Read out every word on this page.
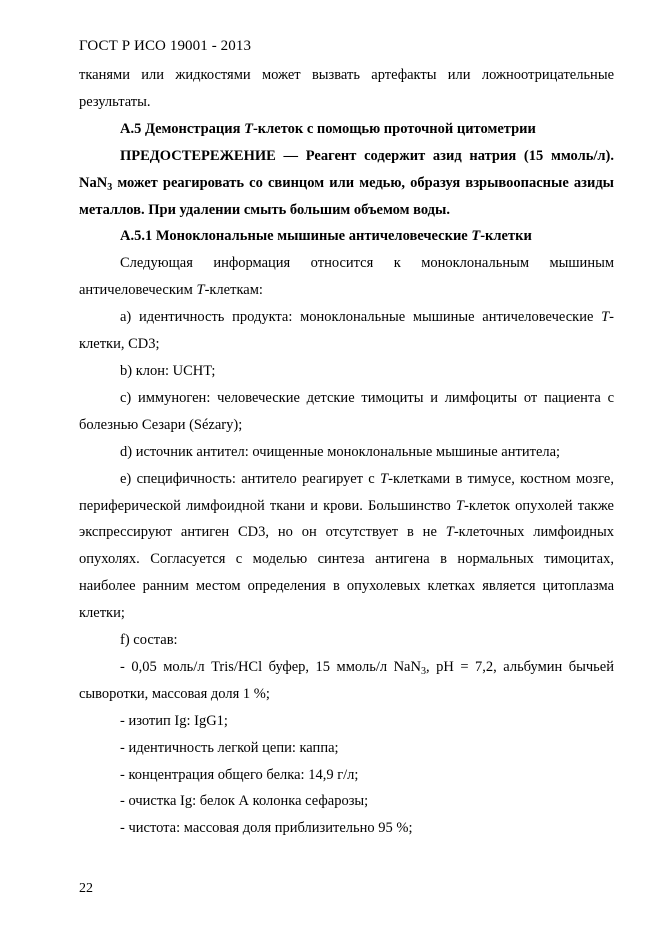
ГОСТ Р ИСО 19001 - 2013

тканями или жидкостями может вызвать артефакты или ложноотрицательные результаты.

А.5 Демонстрация Т-клеток с помощью проточной цитометрии

ПРЕДОСТЕРЕЖЕНИЕ — Реагент содержит азид натрия (15 ммоль/л). NaN$_3$ может реагировать со свинцом или медью, образуя взрывоопасные азиды металлов. При удалении смыть большим объемом воды.

А.5.1 Моноклональные мышиные античеловеческие Т-клетки

Следующая информация относится к моноклональным мышиным античеловеческим Т-клеткам:

а) идентичность продукта: моноклональные мышиные античеловеческие Т-клетки, CD3;

b) клон: UCHT;

с) иммуноген: человеческие детские тимоциты и лимфоциты от пациента с болезнью Сезари (Sézary);

d) источник антител: очищенные моноклональные мышиные антитела;

е) специфичность: антитело реагирует с Т-клетками в тимусе, костном мозге, периферической лимфоидной ткани и крови. Большинство Т-клеток опухолей также экспрессируют антиген CD3, но он отсутствует в не Т-клеточных лимфоидных опухолях. Согласуется с моделью синтеза антигена в нормальных тимоцитах, наиболее ранним местом определения в опухолевых клетках является цитоплазма клетки;

f) состав:

- 0,05 моль/л Tris/HCl буфер, 15 ммоль/л NaN$_3$, рН = 7,2, альбумин бычьей сыворотки, массовая доля 1 %;

- изотип Ig: IgG1;

- идентичность легкой цепи: каппа;

- концентрация общего белка: 14,9 г/л;

- очистка Ig: белок А колонка сефарозы;

- чистота: массовая доля приблизительно 95 %;

22
